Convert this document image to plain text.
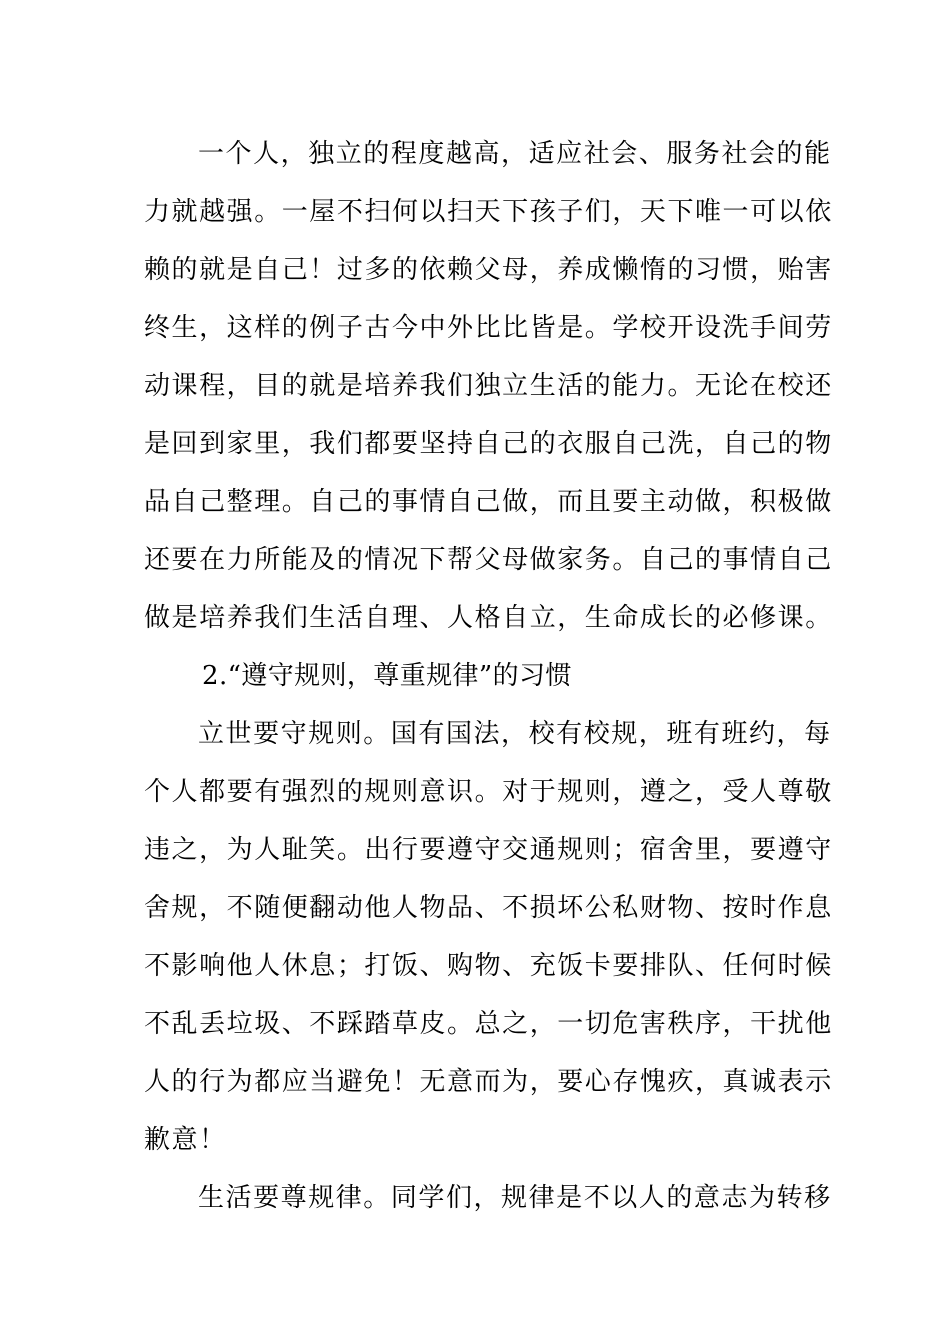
一个人，独立的程度越高，适应社会、服务社会的能

力就越强。一屋不扫何以扫天下孩子们，天下唯一可以依

赖的就是自己！过多的依赖父母，养成懒惰的习惯，贻害

终生，这样的例子古今中外比比皆是。学校开设洗手间劳

动课程，目的就是培养我们独立生活的能力。无论在校还

是回到家里，我们都要坚持自己的衣服自己洗，自己的物

品自己整理。自己的事情自己做，而且要主动做，积极做

还要在力所能及的情况下帮父母做家务。自己的事情自己

做是培养我们生活自理、人格自立，生命成长的必修课。

2.“遵守规则，尊重规律”的习惯

立世要守规则。国有国法，校有校规，班有班约，每

个人都要有强烈的规则意识。对于规则，遵之，受人尊敬

违之，为人耻笑。出行要遵守交通规则；宿舍里，要遵守

舍规，不随便翻动他人物品、不损坏公私财物、按时作息

不影响他人休息；打饭、购物、充饭卡要排队、任何时候

不乱丢垃圾、不踩踏草皮。总之，一切危害秩序，干扰他

人的行为都应当避免！无意而为，要心存愧疚，真诚表示

歉意！

生活要尊规律。同学们，规律是不以人的意志为转移
